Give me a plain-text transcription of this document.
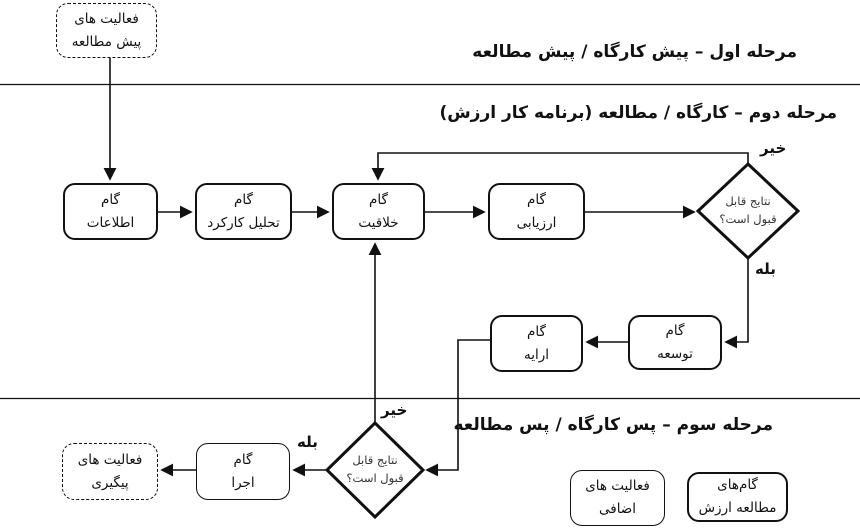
مرحله اول – پیش کارگاه / پیش مطالعه
مرحله دوم – کارگاه / مطالعه (برنامه کار ارزش)
مرحله سوم – پس کارگاه / پس مطالعه
فعالیت های
پیش مطالعه
گام
اطلاعات
گام
تحلیل کارکرد
گام
خلاقیت
گام
ارزیابی
گام
توسعه
گام
ارایه
گام
اجرا
فعالیت های
پیگیری
نتایج قابل
قبول است؟
نتایج قابل
قبول است؟
خیر
بله
خیر
بله
فعالیت های
اضافی
گام‌های
مطالعه ارزش
